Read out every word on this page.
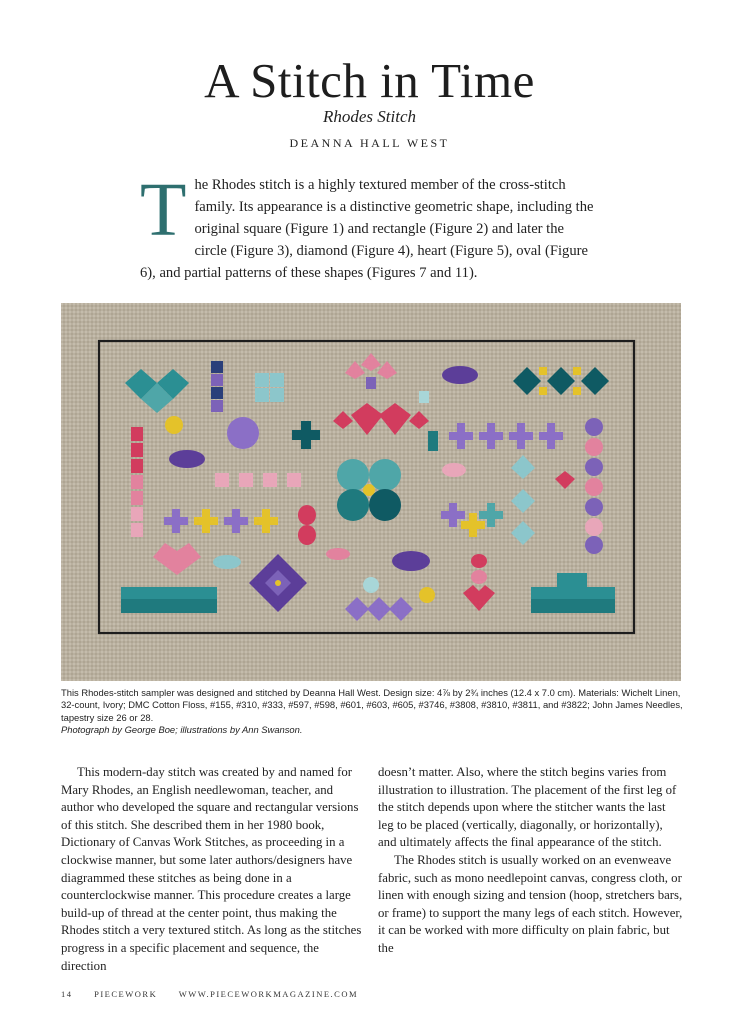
A Stitch in Time
Rhodes Stitch
DEANNA HALL WEST

T he Rhodes stitch is a highly textured member of the cross-stitch family. Its appearance is a distinctive geometric shape, including the original square (Figure 1) and rectangle (Figure 2) and later the circle (Figure 3), diamond (Figure 4), heart (Figure 5), oval (Figure 6), and partial patterns of these shapes (Figures 7 and 11).

This Rhodes-stitch sampler was designed and stitched by Deanna Hall West. Design size: 4⅞ by 2¾ inches (12.4 x 7.0 cm). Materials: Wichelt Linen, 32-count, Ivory; DMC Cotton Floss, #155, #310, #333, #597, #598, #601, #603, #605, #3746, #3808, #3810, #3811, and #3822; John James Needles, tapestry size 26 or 28.
Photograph by George Boe; illustrations by Ann Swanson.

This modern-day stitch was created by and named for Mary Rhodes, an English needlewoman, teacher, and author who developed the square and rectangular versions of this stitch. She described them in her 1980 book, Dictionary of Canvas Work Stitches, as proceeding in a clockwise manner, but some later authors/designers have diagrammed these stitches as being done in a counterclockwise manner. This procedure creates a large build-up of thread at the center point, thus making the Rhodes stitch a very textured stitch. As long as the stitches progress in a specific placement and sequence, the direction

doesn’t matter. Also, where the stitch begins varies from illustration to illustration. The placement of the first leg of the stitch depends upon where the stitcher wants the last leg to be placed (vertically, diagonally, or horizontally), and ultimately affects the final appearance of the stitch.

The Rhodes stitch is usually worked on an evenweave fabric, such as mono needlepoint canvas, congress cloth, or linen with enough sizing and tension (hoop, stretchers bars, or frame) to support the many legs of each stitch. However, it can be worked with more difficulty on plain fabric, but the

14	PIECEWORK	WWW.PIECEWORKMAGAZINE.COM
